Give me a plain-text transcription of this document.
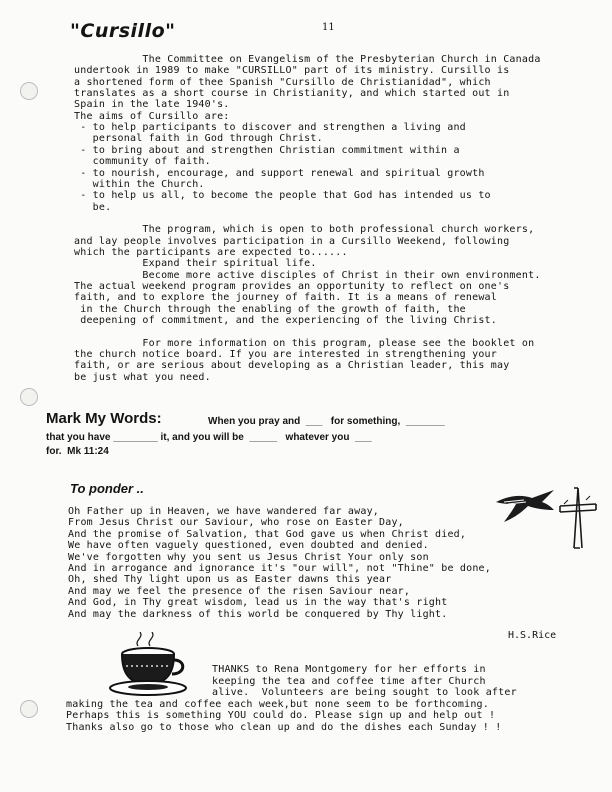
"Cursillo"	11
The Committee on Evangelism of the Presbyterian Church in Canada
undertook in 1989 to make "CURSILLO" part of its ministry. Cursillo is
a shortened form of thee Spanish "Cursillo de Christianidad", which
translates as a short course in Christianity, and which started out in
Spain in the late 1940's.
The aims of Cursillo are:
- to help participants to discover and strengthen a living and
personal faith in God through Christ.
- to bring about and strengthen Christian commitment within a
community of faith.
- to nourish, encourage, and support renewal and spiritual growth
within the Church.
- to help us all, to become the people that God has intended us to
be.
The program, which is open to both professional church workers,
and lay people involves participation in a Cursillo Weekend, following
which the participants are expected to......
Expand their spiritual life.
Become more active disciples of Christ in their own environment.
The actual weekend program provides an opportunity to reflect on one's
faith, and to explore the journey of faith. It is a means of renewal
in the Church through the enabling of the growth of faith, the
deepening of commitment, and the experiencing of the living Christ.
For more information on this program, please see the booklet on
the church notice board. If you are interested in strengthening your
faith, or are serious about developing as a Christian leader, this may
be just what you need.
Mark My Words:	When you pray and  ___   for something,  _______
that you have ________ it, and you will be  _____   whatever you  ___
for.  Mk 11:24
To ponder ..
Oh Father up in Heaven, we have wandered far away,
From Jesus Christ our Saviour, who rose on Easter Day,
And the promise of Salvation, that God gave us when Christ died,
We have often vaguely questioned, even doubted and denied.
We've forgotten why you sent us Jesus Christ Your only son
And in arrogance and ignorance it's "our will", not "Thine" be done,
Oh, shed Thy light upon us as Easter dawns this year
And may we feel the presence of the risen Saviour near,
And God, in Thy great wisdom, lead us in the way that's right
And may the darkness of this world be conquered by Thy light.
H.S.Rice
THANKS to Rena Montgomery for her efforts in
keeping the tea and coffee time after Church
alive.  Volunteers are being sought to look after
making the tea and coffee each week,but none seem to be forthcoming.
Perhaps this is something YOU could do. Please sign up and help out !
Thanks also go to those who clean up and do the dishes each Sunday ! !
